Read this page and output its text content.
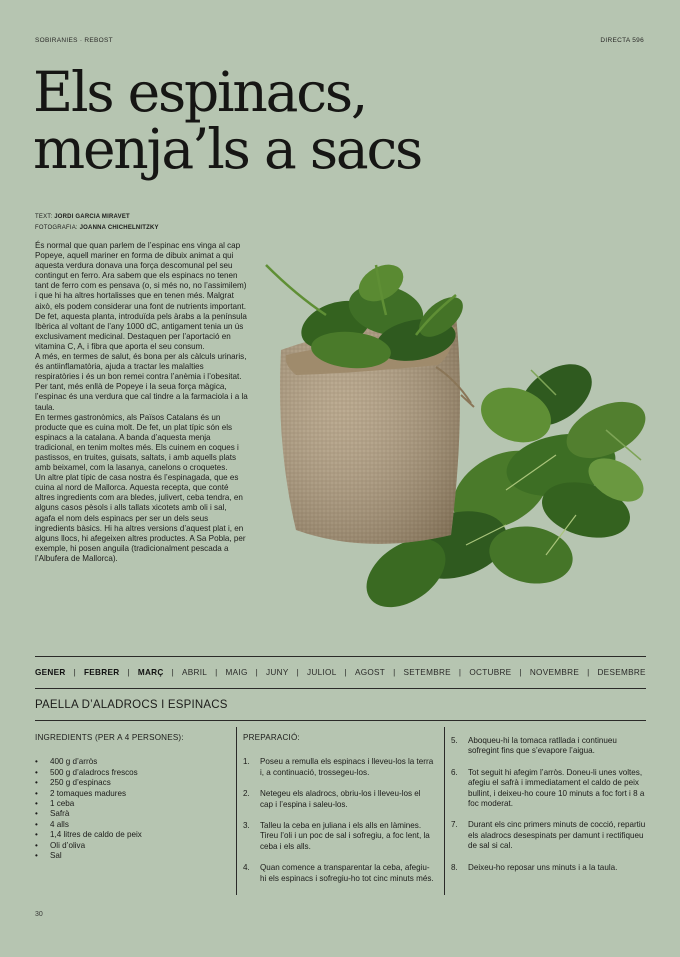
SOBIRANIES · REBOST	DIRECTA 596
Els espinacs,
menja’ls a sacs
TEXT: JORDI GARCIA MIRAVET
FOTOGRAFIA: JOANNA CHICHELNITZKY

És normal que quan parlem de l’espinac ens vinga al cap Popeye, aquell mariner en forma de dibuix animat a qui aquesta verdura donava una força descomunal pel seu contingut en ferro. Ara sabem que els espinacs no tenen tant de ferro com es pensava (o, si més no, no l’assimilem) i que hi ha altres hortalisses que en tenen més. Malgrat això, els podem considerar una font de nutrients important. De fet, aquesta planta, introduïda pels àrabs a la península Ibèrica al voltant de l’any 1000 dC, antigament tenia un ús exclusivament medicinal. Destaquen per l’aportació en vitamina C, A, i fibra que aporta el seu consum.

A més, en termes de salut, és bona per als càlculs urinaris, és antiinflamatòria, ajuda a tractar les malalties respiratòries i és un bon remei contra l’anèmia i l’obesitat. Per tant, més enllà de Popeye i la seua força màgica, l’espinac és una verdura que cal tindre a la farmaciola i a la taula.

En termes gastronòmics, als Països Catalans és un producte que es cuina molt. De fet, un plat típic són els espinacs a la catalana. A banda d’aquesta menja tradicional, en tenim moltes més. Els cuinem en coques i pastissos, en truites, guisats, saltats, i amb aquells plats amb beixamel, com la lasanya, canelons o croquetes.

Un altre plat típic de casa nostra és l’espinagada, que es cuina al nord de Mallorca. Aquesta recepta, que conté altres ingredients com ara bledes, julivert, ceba tendra, en alguns casos pèsols i alls tallats xicotets amb oli i sal, agafa el nom dels espinacs per ser un dels seus ingredients bàsics. Hi ha altres versions d’aquest plat i, en alguns llocs, hi afegeixen altres productes. A Sa Pobla, per exemple, hi posen anguila (tradicionalment pescada a l’Albufera de Mallorca).

GENER | FEBRER | MARÇ | ABRIL | MAIG | JUNY | JULIOL | AGOST | SETEMBRE | OCTUBRE | NOVEMBRE | DESEMBRE
PAELLA D’ALADROCS I ESPINACS
INGREDIENTS (PER A 4 PERSONES):
• 400 g d’arròs
• 500 g d’aladrocs frescos
• 250 g d’espinacs
• 2 tomaques madures
• 1 ceba
• Safrà
• 4 alls
• 1,4 litres de caldo de peix
• Oli d’oliva
• Sal
PREPARACIÓ:
1.	Poseu a remulla els espinacs i lleveu-los la terra i, a continuació, trossegeu-los.
2.	Netegeu els aladrocs, obriu-los i lleveu-los el cap i l’espina i saleu-los.
3.	Talleu la ceba en juliana i els alls en làmines. Tireu l’oli i un poc de sal i sofregiu, a foc lent, la ceba i els alls.
4.	Quan comence a transparentar la ceba, afegiu-hi els espinacs i sofregiu-ho tot cinc minuts més.
5.	Aboqueu-hi la tomaca ratllada i continueu sofregint fins que s’evapore l’aigua.
6.	Tot seguit hi afegim l’arròs. Doneu-li unes voltes, afegiu el safrà i immediatament el caldo de peix bullint, i deixeu-ho coure 10 minuts a foc fort i 8 a foc moderat.
7.	Durant els cinc primers minuts de cocció, repartiu els aladrocs desespinats per damunt i rectifiqueu de sal si cal.
8.	Deixeu-ho reposar uns minuts i a la taula.
30
